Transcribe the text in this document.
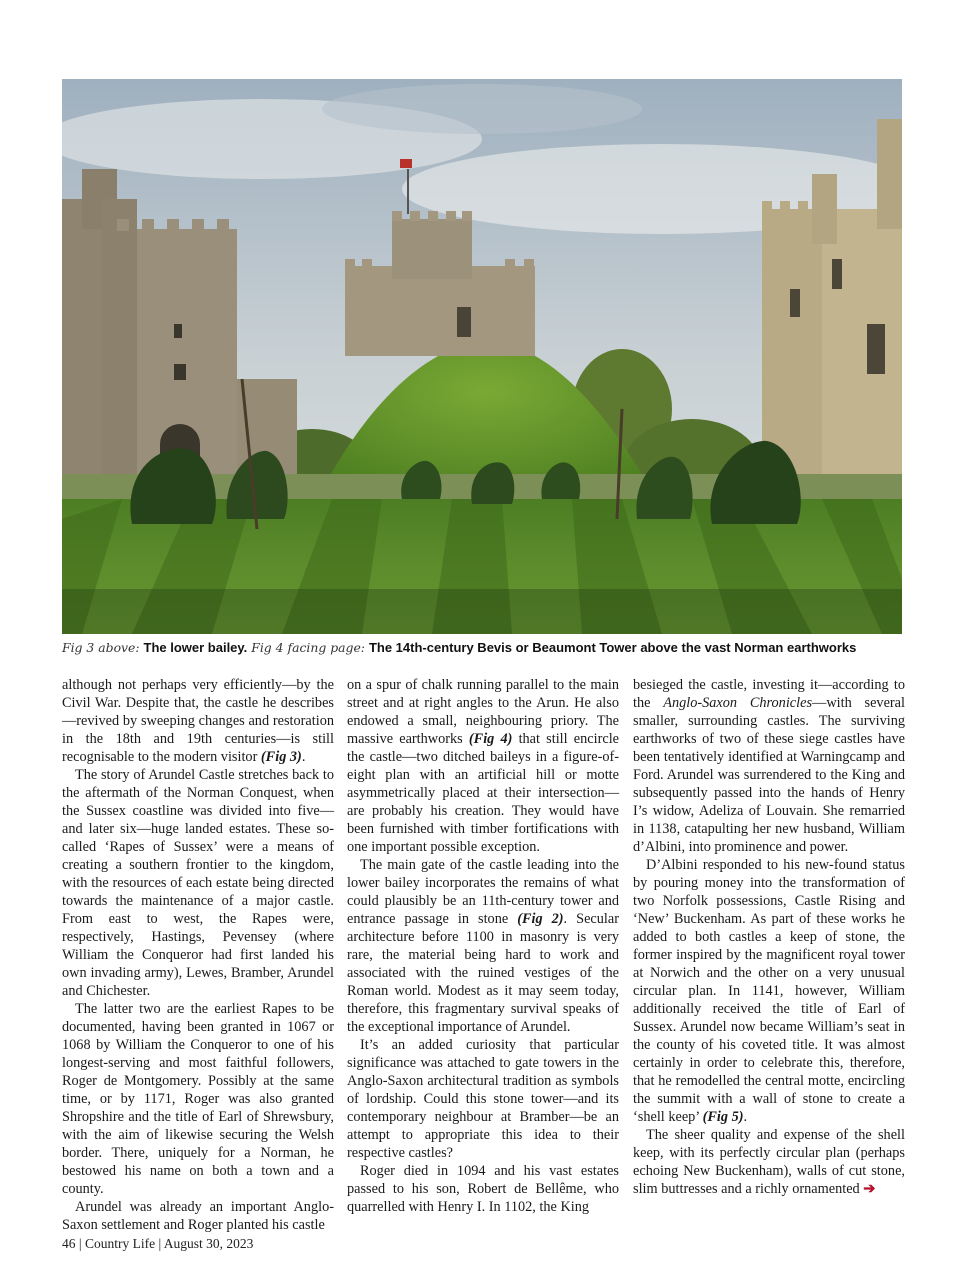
Fig 3 above: The lower bailey. Fig 4 facing page: The 14th-century Bevis or Beaumont Tower above the vast Norman earthworks

although not perhaps very efficiently—by the Civil War. Despite that, the castle he describes —revived by sweeping changes and restoration in the 18th and 19th centuries—is still recognisable to the modern visitor (Fig 3).

The story of Arundel Castle stretches back to the aftermath of the Norman Conquest, when the Sussex coastline was divided into five—and later six—huge landed estates. These so-called ‘Rapes of Sussex’ were a means of creating a southern frontier to the kingdom, with the resources of each estate being directed towards the maintenance of a major castle. From east to west, the Rapes were, respectively, Hastings, Pevensey (where William the Conqueror had first landed his own invading army), Lewes, Bramber, Arundel and Chichester.

The latter two are the earliest Rapes to be documented, having been granted in 1067 or 1068 by William the Conqueror to one of his longest-serving and most faithful followers, Roger de Montgomery. Possibly at the same time, or by 1171, Roger was also granted Shropshire and the title of Earl of Shrewsbury, with the aim of likewise securing the Welsh border. There, uniquely for a Norman, he bestowed his name on both a town and a county.

Arundel was already an important Anglo-Saxon settlement and Roger planted his castle

on a spur of chalk running parallel to the main street and at right angles to the Arun. He also endowed a small, neighbouring priory. The massive earthworks (Fig 4) that still encircle the castle—two ditched baileys in a figure-of-eight plan with an artificial hill or motte asymmetrically placed at their intersection—are probably his creation. They would have been furnished with timber fortifications with one important possible exception.

The main gate of the castle leading into the lower bailey incorporates the remains of what could plausibly be an 11th-century tower and entrance passage in stone (Fig 2). Secular architecture before 1100 in masonry is very rare, the material being hard to work and associated with the ruined vestiges of the Roman world. Modest as it may seem today, therefore, this fragmentary survival speaks of the exceptional importance of Arundel.

It’s an added curiosity that particular significance was attached to gate towers in the Anglo-Saxon architectural tradition as symbols of lordship. Could this stone tower—and its contemporary neighbour at Bramber—be an attempt to appropriate this idea to their respective castles?

Roger died in 1094 and his vast estates passed to his son, Robert de Bellême, who quarrelled with Henry I. In 1102, the King

besieged the castle, investing it—according to the Anglo-Saxon Chronicles—with several smaller, surrounding castles. The surviving earthworks of two of these siege castles have been tentatively identified at Warningcamp and Ford. Arundel was surrendered to the King and subsequently passed into the hands of Henry I’s widow, Adeliza of Louvain. She remarried in 1138, catapulting her new husband, William d’Albini, into prominence and power.

D’Albini responded to his new-found status by pouring money into the transformation of two Norfolk possessions, Castle Rising and ‘New’ Buckenham. As part of these works he added to both castles a keep of stone, the former inspired by the magnificent royal tower at Norwich and the other on a very unusual circular plan. In 1141, however, William additionally received the title of Earl of Sussex. Arundel now became William’s seat in the county of his coveted title. It was almost certainly in order to celebrate this, therefore, that he remodelled the central motte, encircling the summit with a wall of stone to create a ‘shell keep’ (Fig 5).

The sheer quality and expense of the shell keep, with its perfectly circular plan (perhaps echoing New Buckenham), walls of cut stone, slim buttresses and a richly ornamented ➔

46 | Country Life | August 30, 2023
